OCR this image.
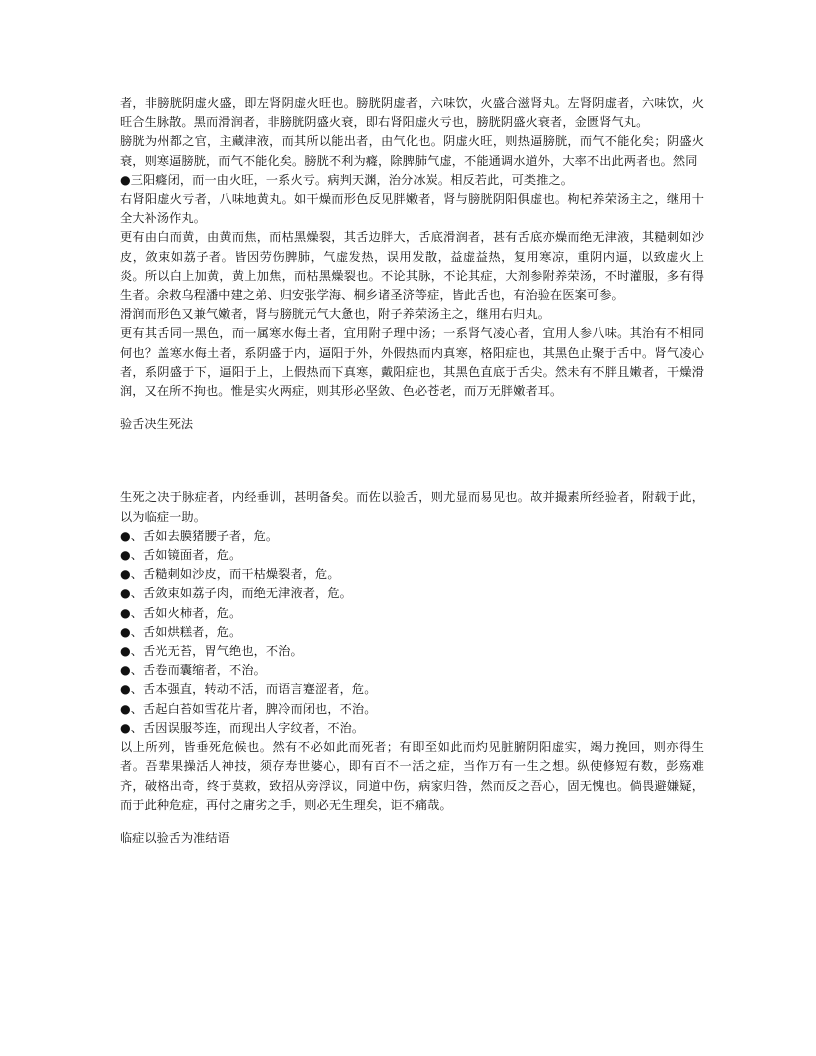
者，非膀胱阴虚火盛，即左肾阴虚火旺也。膀胱阴虚者，六味饮，火盛合滋肾丸。左肾阴虚者，六味饮，火旺合生脉散。黑而滑润者，非膀胱阴盛火衰，即右肾阳虚火亏也，膀胱阴盛火衰者，金匮肾气丸。

膀胱为州都之官，主藏津液，而其所以能出者，由气化也。阴虚火旺，则热逼膀胱，而气不能化矣；阴盛火衰，则寒逼膀胱，而气不能化矣。膀胱不利为癃，除脾肺气虚，不能通调水道外，大率不出此两者也。然同

●三阳癃闭，而一由火旺，一系火亏。病判天渊，治分冰炭。相反若此，可类推之。

右肾阳虚火亏者，八味地黄丸。如干燥而形色反见胖嫩者，肾与膀胱阴阳俱虚也。枸杞养荣汤主之，继用十全大补汤作丸。

更有由白而黄，由黄而焦，而枯黑燥裂，其舌边胖大，舌底滑润者，甚有舌底亦燥而绝无津液，其糙刺如沙皮，敛束如荔子者。皆因劳伤脾肺，气虚发热，误用发散，益虚益热，复用寒凉，重阴内逼，以致虚火上炎。所以白上加黄，黄上加焦，而枯黑燥裂也。不论其脉，不论其症，大剂参附养荣汤，不时灌服，多有得生者。余救乌程潘中建之弟、归安张学海、桐乡诸圣济等症，皆此舌也，有治验在医案可参。

滑润而形色又兼气嫩者，肾与膀胱元气大惫也，附子养荣汤主之，继用右归丸。

更有其舌同一黑色，而一属寒水侮土者，宜用附子理中汤；一系肾气凌心者，宜用人参八味。其治有不相同何也？盖寒水侮土者，系阴盛于内，逼阳于外，外假热而内真寒，格阳症也，其黑色止聚于舌中。肾气凌心者，系阴盛于下，逼阳于上，上假热而下真寒，戴阳症也，其黑色直底于舌尖。然未有不胖且嫩者，干燥滑润，又在所不拘也。惟是实火两症，则其形必坚敛、色必苍老，而万无胖嫩者耳。

验舌决生死法

生死之决于脉症者，内经垂训，甚明备矣。而佐以验舌，则尤显而易见也。故并撮素所经验者，附载于此，以为临症一助。

●、舌如去膜猪腰子者，危。

●、舌如镜面者，危。

●、舌糙刺如沙皮，而干枯燥裂者，危。

●、舌敛束如荔子肉，而绝无津液者，危。

●、舌如火柿者，危。

●、舌如烘糕者，危。

●、舌光无苔，胃气绝也，不治。

●、舌卷而囊缩者，不治。

●、舌本强直，转动不活，而语言蹇涩者，危。

●、舌起白苔如雪花片者，脾冷而闭也，不治。

●、舌因误服芩连，而现出人字纹者，不治。

以上所列，皆垂死危候也。然有不必如此而死者；有即至如此而灼见脏腑阴阳虚实，竭力挽回，则亦得生者。吾辈果操活人神技，须存寿世婆心，即有百不一活之症，当作万有一生之想。纵使修短有数，彭殇难齐，破格出奇，终于莫救，致招从旁浮议，同道中伤，病家归咎，然而反之吾心，固无愧也。倘畏避嫌疑，而于此种危症，再付之庸劣之手，则必无生理矣，讵不痛哉。

临症以验舌为准结语
